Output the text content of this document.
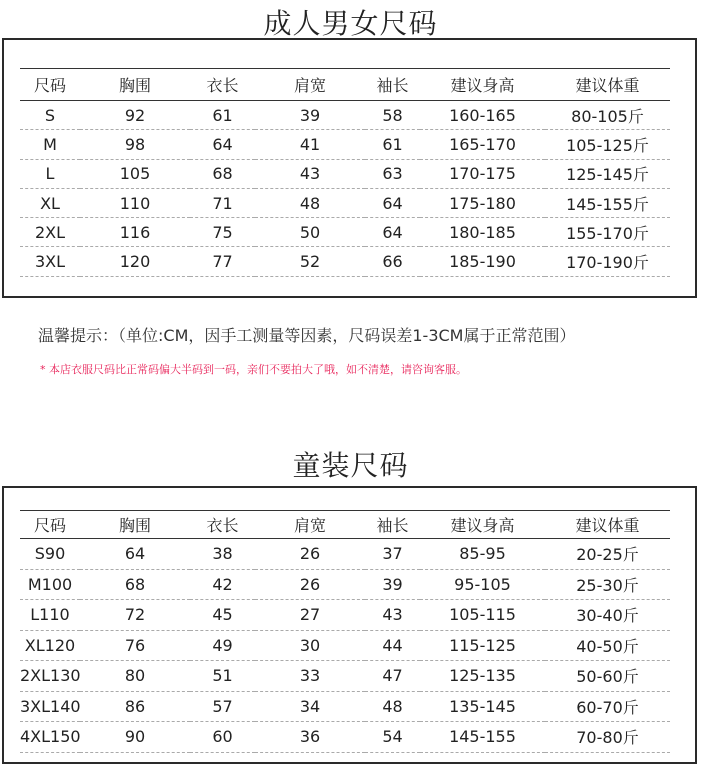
成人男女尺码
尺码	胸围	衣长	肩宽	袖长	建议身高	建议体重
S	92	61	39	58	160-165	80-105斤
M	98	64	41	61	165-170	105-125斤
L	105	68	43	63	170-175	125-145斤
XL	110	71	48	64	175-180	145-155斤
2XL	116	75	50	64	180-185	155-170斤
3XL	120	77	52	66	185-190	170-190斤
温馨提示：（单位:CM，因手工测量等因素，尺码误差1-3CM属于正常范围）
* 本店衣服尺码比正常码偏大半码到一码，亲们不要拍大了哦，如不清楚，请咨询客服。
童装尺码
尺码	胸围	衣长	肩宽	袖长	建议身高	建议体重
S90	64	38	26	37	85-95	20-25斤
M100	68	42	26	39	95-105	25-30斤
L110	72	45	27	43	105-115	30-40斤
XL120	76	49	30	44	115-125	40-50斤
2XL130	80	51	33	47	125-135	50-60斤
3XL140	86	57	34	48	135-145	60-70斤
4XL150	90	60	36	54	145-155	70-80斤
